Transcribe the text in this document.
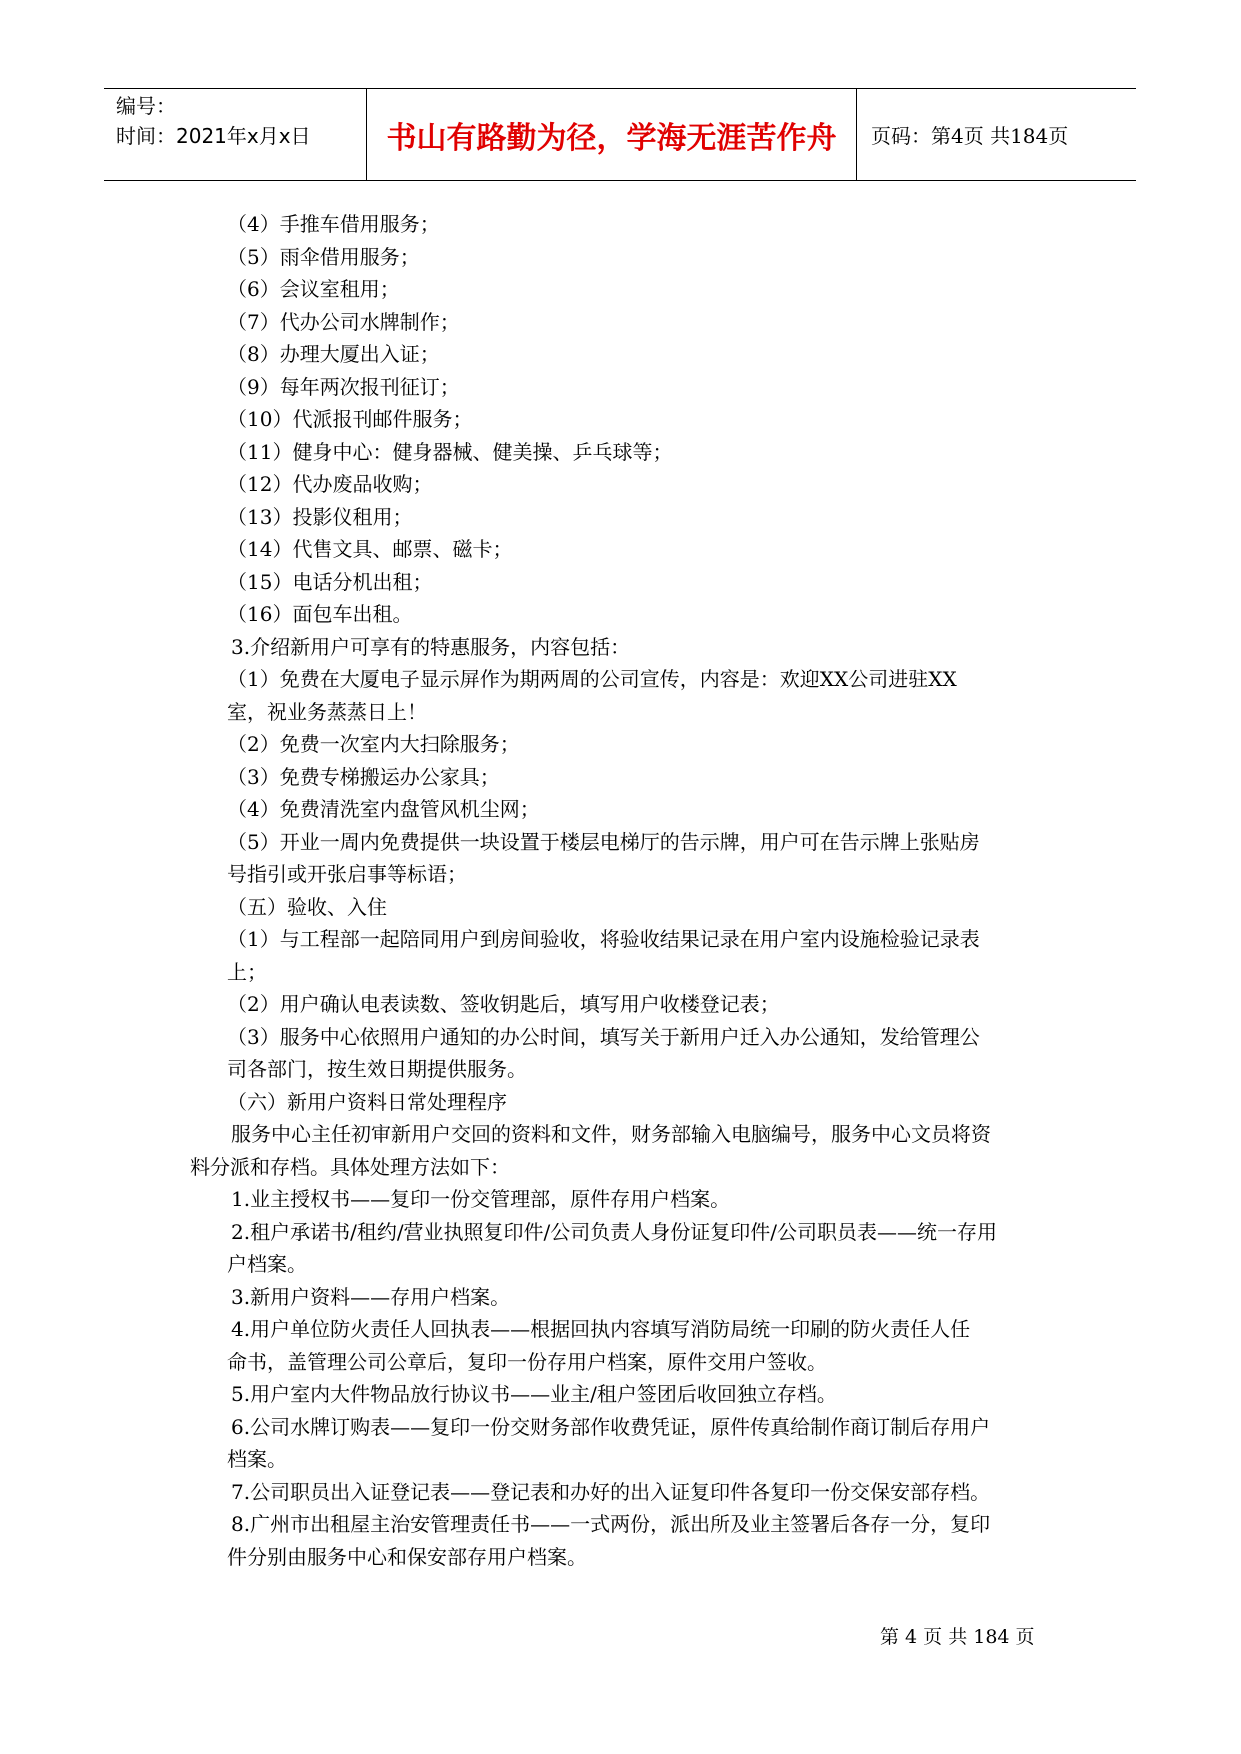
编号：
时间：2021年x月x日	书山有路勤为径，学海无涯苦作舟	页码：第4页 共184页
（4）手推车借用服务；
（5）雨伞借用服务；
（6）会议室租用；
（7）代办公司水牌制作；
（8）办理大厦出入证；
（9）每年两次报刊征订；
（10）代派报刊邮件服务；
（11）健身中心：健身器械、健美操、乒乓球等；
（12）代办废品收购；
（13）投影仪租用；
（14）代售文具、邮票、磁卡；
（15）电话分机出租；
（16）面包车出租。
3.介绍新用户可享有的特惠服务，内容包括：
（1）免费在大厦电子显示屏作为期两周的公司宣传，内容是：欢迎XX公司进驻XX
室，祝业务蒸蒸日上！
（2）免费一次室内大扫除服务；
（3）免费专梯搬运办公家具；
（4）免费清洗室内盘管风机尘网；
（5）开业一周内免费提供一块设置于楼层电梯厅的告示牌，用户可在告示牌上张贴房
号指引或开张启事等标语；
（五）验收、入住
（1）与工程部一起陪同用户到房间验收，将验收结果记录在用户室内设施检验记录表
上；
（2）用户确认电表读数、签收钥匙后，填写用户收楼登记表；
（3）服务中心依照用户通知的办公时间，填写关于新用户迁入办公通知，发给管理公
司各部门，按生效日期提供服务。
（六）新用户资料日常处理程序
服务中心主任初审新用户交回的资料和文件，财务部输入电脑编号，服务中心文员将资
料分派和存档。具体处理方法如下：
1.业主授权书——复印一份交管理部，原件存用户档案。
2.租户承诺书/租约/营业执照复印件/公司负责人身份证复印件/公司职员表——统一存用
户档案。
3.新用户资料——存用户档案。
4.用户单位防火责任人回执表——根据回执内容填写消防局统一印刷的防火责任人任
命书，盖管理公司公章后，复印一份存用户档案，原件交用户签收。
5.用户室内大件物品放行协议书——业主/租户签团后收回独立存档。
6.公司水牌订购表——复印一份交财务部作收费凭证，原件传真给制作商订制后存用户
档案。
7.公司职员出入证登记表——登记表和办好的出入证复印件各复印一份交保安部存档。
8.广州市出租屋主治安管理责任书——一式两份，派出所及业主签署后各存一分，复印
件分别由服务中心和保安部存用户档案。
第 4 页 共 184 页
